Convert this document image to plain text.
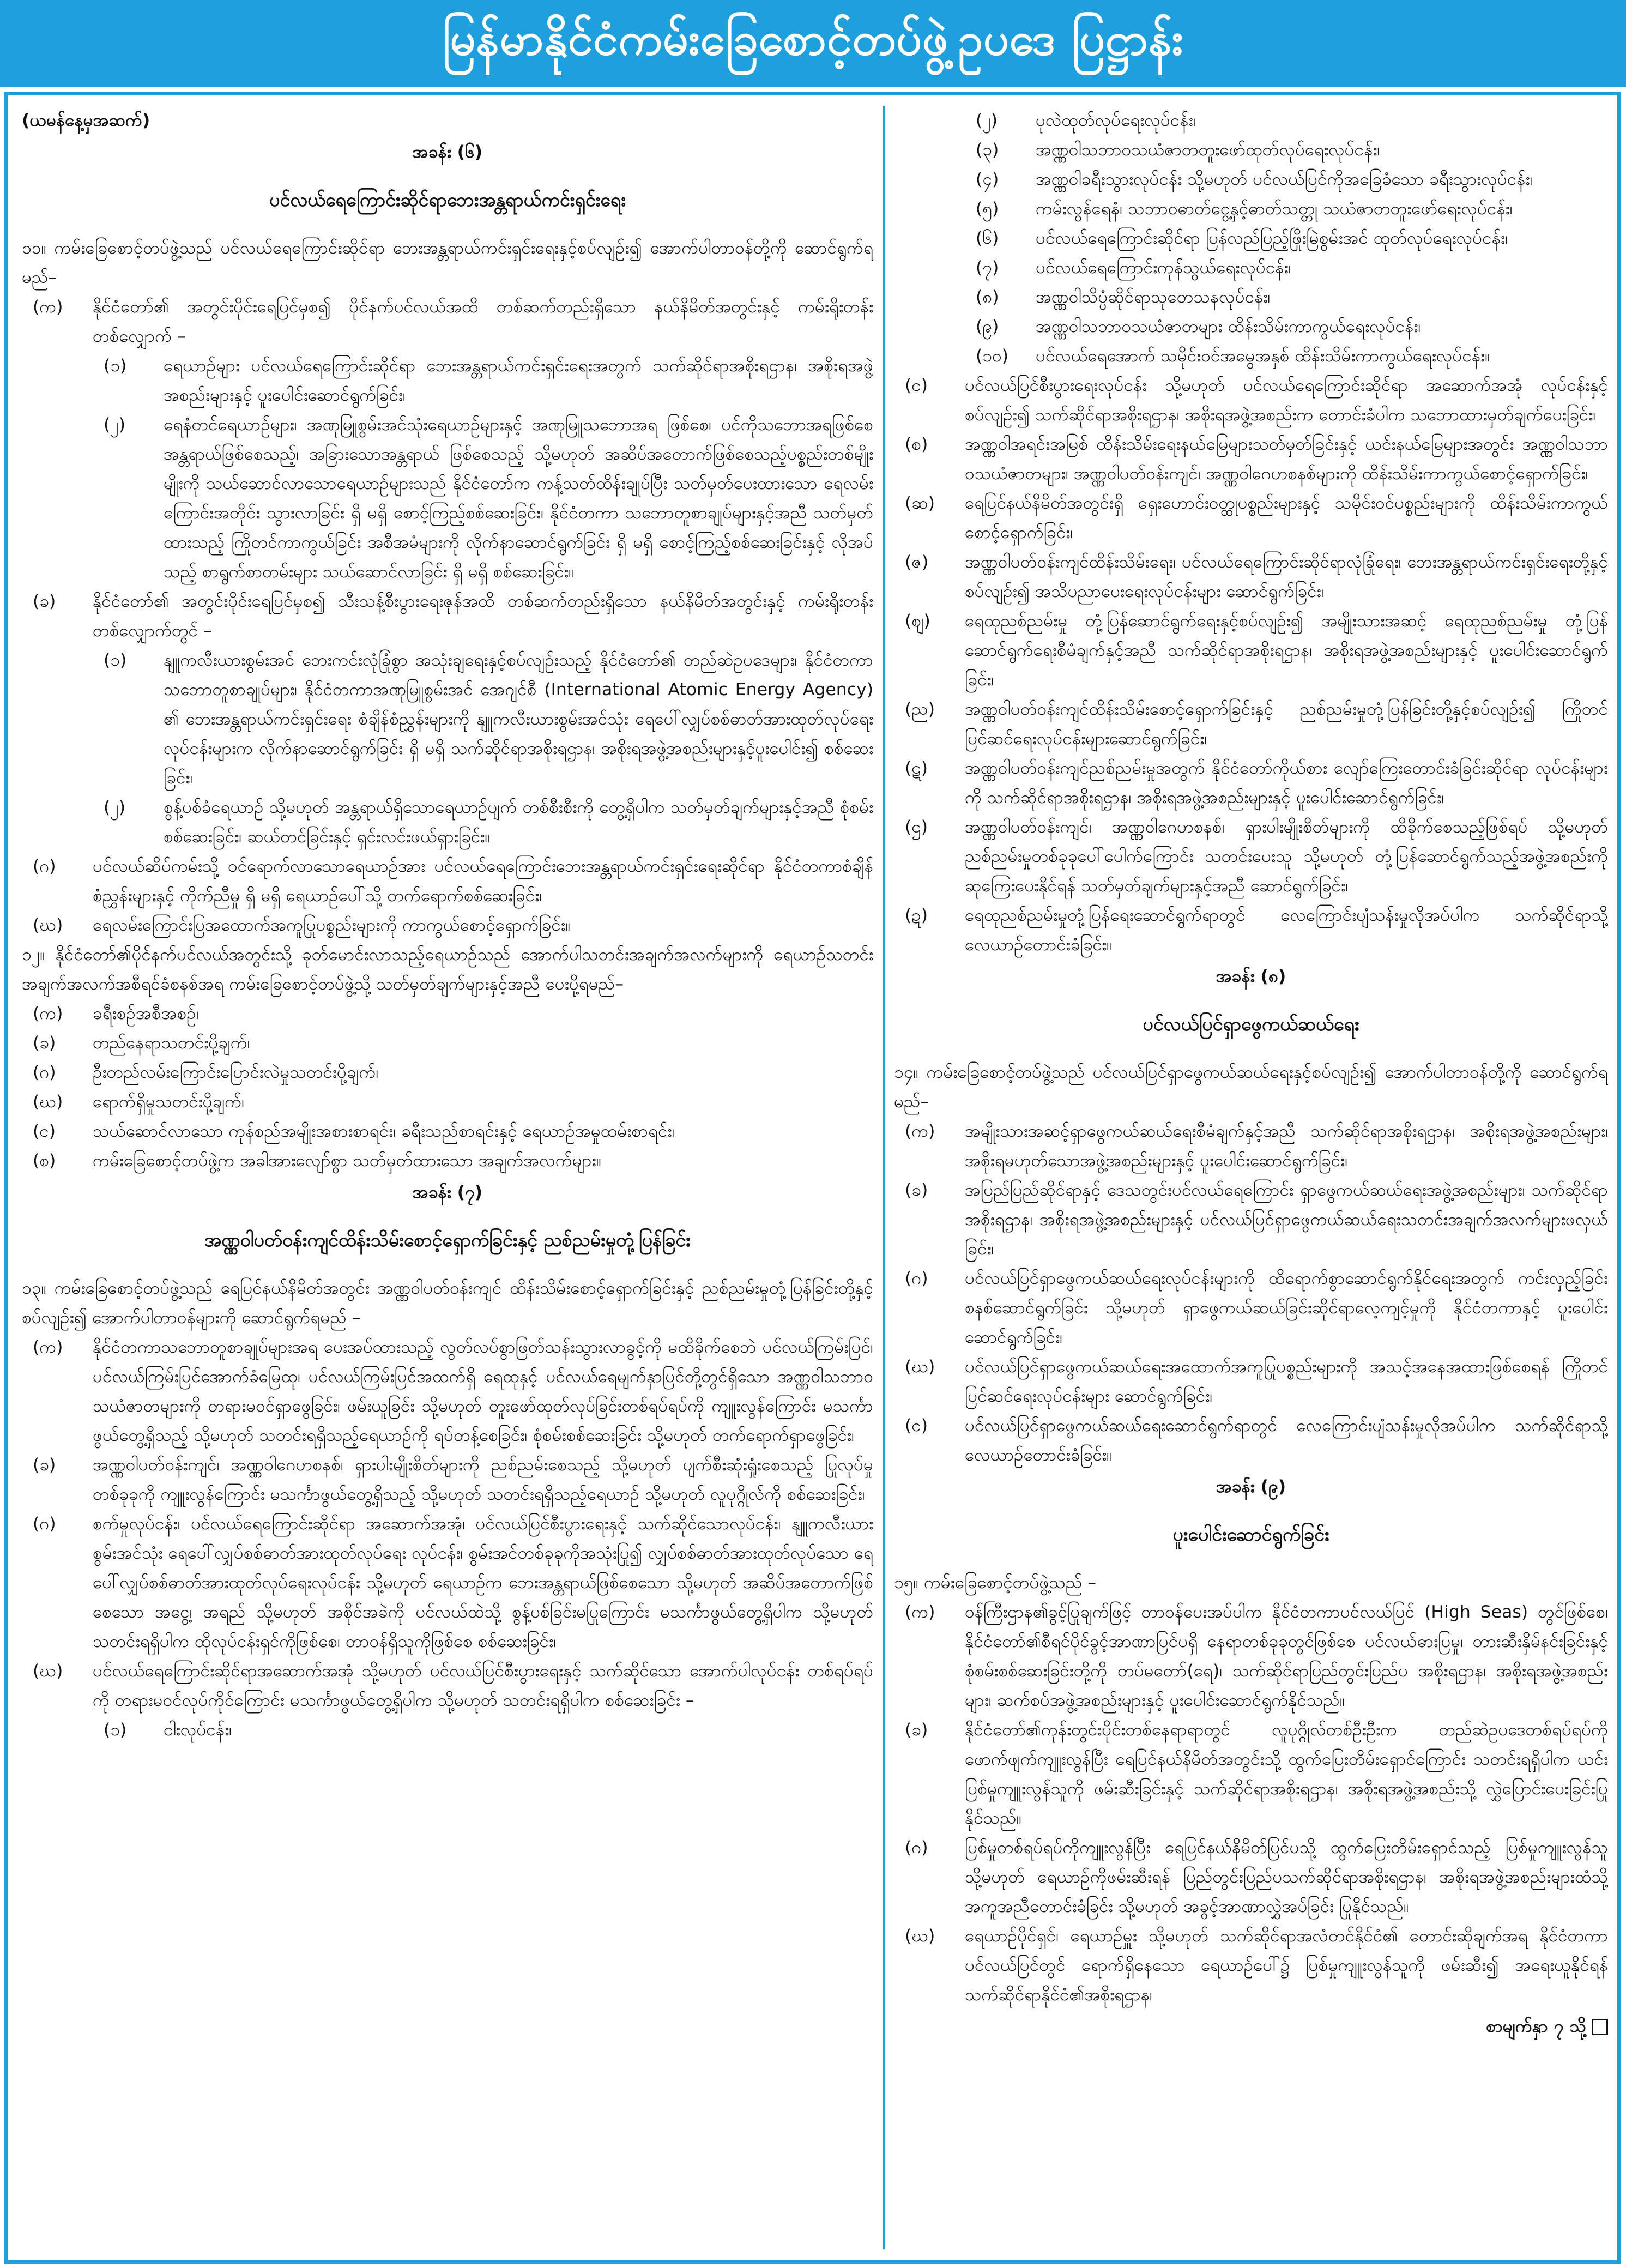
မြန်မာနိုင်ငံကမ်းခြေစောင့်တပ်ဖွဲ့ဥပဒေ ပြဋ္ဌာန်း

(ယမန်နေ့မှအဆက်)

အခန်း (၆)

ပင်လယ်ရေကြောင်းဆိုင်ရာဘေးအန္တရာယ်ကင်းရှင်းရေး

၁၁။ ကမ်းခြေစောင့်တပ်ဖွဲ့သည် ပင်လယ်ရေကြောင်းဆိုင်ရာ ဘေးအန္တရာယ်ကင်းရှင်းရေးနှင့်စပ်လျဉ်း၍ အောက်ပါတာဝန်တို့ကို ဆောင်ရွက်ရမည်–

(က)	နိုင်ငံတော်၏ အတွင်းပိုင်းရေပြင်မှစ၍ ပိုင်နက်ပင်လယ်အထိ တစ်ဆက်တည်းရှိသော နယ်နိမိတ်အတွင်းနှင့် ကမ်းရိုးတန်းတစ်လျှောက် –
(၁)	ရေယာဉ်များ ပင်လယ်ရေကြောင်းဆိုင်ရာ ဘေးအန္တရာယ်ကင်းရှင်းရေးအတွက် သက်ဆိုင်ရာအစိုးရဌာန၊ အစိုးရအဖွဲ့အစည်းများနှင့် ပူးပေါင်းဆောင်ရွက်ခြင်း၊
(၂)	ရေနံတင်ရေယာဉ်များ၊ အဏုမြူစွမ်းအင်သုံးရေယာဉ်များနှင့် အဏုမြူသဘောအရ ဖြစ်စေ၊ ပင်ကိုသဘောအရဖြစ်စေ အန္တရာယ်ဖြစ်စေသည့်၊ အခြားသောအန္တရာယ် ဖြစ်စေသည့် သို့မဟုတ် အဆိပ်အတောက်ဖြစ်စေသည့်ပစ္စည်းတစ်မျိုးမျိုးကို သယ်ဆောင်လာသောရေယာဉ်များသည် နိုင်ငံတော်က ကန့်သတ်ထိန်းချုပ်ပြီး သတ်မှတ်ပေးထားသော ရေလမ်းကြောင်းအတိုင်း သွားလာခြင်း ရှိ မရှိ စောင့်ကြည့်စစ်ဆေးခြင်း၊ နိုင်ငံတကာ သဘောတူစာချုပ်များနှင့်အညီ သတ်မှတ်ထားသည့် ကြိုတင်ကာကွယ်ခြင်း အစီအမံများကို လိုက်နာဆောင်ရွက်ခြင်း ရှိ မရှိ စောင့်ကြည့်စစ်ဆေးခြင်းနှင့် လိုအပ်သည့် စာရွက်စာတမ်းများ သယ်ဆောင်လာခြင်း ရှိ မရှိ စစ်ဆေးခြင်း။
(ခ)	နိုင်ငံတော်၏ အတွင်းပိုင်းရေပြင်မှစ၍ သီးသန့်စီးပွားရေးဇုန်အထိ တစ်ဆက်တည်းရှိသော နယ်နိမိတ်အတွင်းနှင့် ကမ်းရိုးတန်းတစ်လျှောက်တွင် –
(၁)	နျူကလီးယားစွမ်းအင် ဘေးကင်းလုံခြုံစွာ အသုံးချရေးနှင့်စပ်လျဉ်းသည့် နိုင်ငံတော်၏ တည်ဆဲဥပဒေများ၊ နိုင်ငံတကာသဘောတူစာချုပ်များ၊ နိုင်ငံတကာအဏုမြူစွမ်းအင် အေဂျင်စီ (International Atomic Energy Agency) ၏ ဘေးအန္တရာယ်ကင်းရှင်းရေး စံချိန်စံညွှန်းများကို နျူကလီးယားစွမ်းအင်သုံး ရေပေါ်လျှပ်စစ်ဓာတ်အားထုတ်လုပ်ရေး လုပ်ငန်းများက လိုက်နာဆောင်ရွက်ခြင်း ရှိ မရှိ သက်ဆိုင်ရာအစိုးရဌာန၊ အစိုးရအဖွဲ့အစည်းများနှင့်ပူးပေါင်း၍ စစ်ဆေးခြင်း၊
(၂)	စွန့်ပစ်ခံရေယာဉ် သို့မဟုတ် အန္တရာယ်ရှိသောရေယာဉ်ပျက် တစ်စီးစီးကို တွေ့ရှိပါက သတ်မှတ်ချက်များနှင့်အညီ စုံစမ်းစစ်ဆေးခြင်း၊ ဆယ်တင်ခြင်းနှင့် ရှင်းလင်းဖယ်ရှားခြင်း။
(ဂ)	ပင်လယ်ဆိပ်ကမ်းသို့ ဝင်ရောက်လာသောရေယာဉ်အား ပင်လယ်ရေကြောင်းဘေးအန္တရာယ်ကင်းရှင်းရေးဆိုင်ရာ နိုင်ငံတကာစံချိန်စံညွှန်းများနှင့် ကိုက်ညီမှု ရှိ မရှိ ရေယာဉ်ပေါ်သို့ တက်ရောက်စစ်ဆေးခြင်း၊
(ဃ)	ရေလမ်းကြောင်းပြအထောက်အကူပြုပစ္စည်းများကို ကာကွယ်စောင့်ရှောက်ခြင်း။

၁၂။ နိုင်ငံတော်၏ပိုင်နက်ပင်လယ်အတွင်းသို့ ခုတ်မောင်းလာသည့်ရေယာဉ်သည် အောက်ပါသတင်းအချက်အလက်များကို ရေယာဉ်သတင်းအချက်အလက်အစီရင်ခံစနစ်အရ ကမ်းခြေစောင့်တပ်ဖွဲ့သို့ သတ်မှတ်ချက်များနှင့်အညီ ပေးပို့ရမည်–

(က)	ခရီးစဉ်အစီအစဉ်၊
(ခ)	တည်နေရာသတင်းပို့ချက်၊
(ဂ)	ဦးတည်လမ်းကြောင်းပြောင်းလဲမှုသတင်းပို့ချက်၊
(ဃ)	ရောက်ရှိမှုသတင်းပို့ချက်၊
(င)	သယ်ဆောင်လာသော ကုန်စည်အမျိုးအစားစာရင်း၊ ခရီးသည်စာရင်းနှင့် ရေယာဉ်အမှုထမ်းစာရင်း၊
(စ)	ကမ်းခြေစောင့်တပ်ဖွဲ့က အခါအားလျော်စွာ သတ်မှတ်ထားသော အချက်အလက်များ။

အခန်း (၇)

အဏ္ဏဝါပတ်ဝန်းကျင်ထိန်းသိမ်းစောင့်ရှောက်ခြင်းနှင့် ညစ်ညမ်းမှုတုံ့ပြန်ခြင်း

၁၃။ ကမ်းခြေစောင့်တပ်ဖွဲ့သည် ရေပြင်နယ်နိမိတ်အတွင်း အဏ္ဏဝါပတ်ဝန်းကျင် ထိန်းသိမ်းစောင့်ရှောက်ခြင်းနှင့် ညစ်ညမ်းမှုတုံ့ပြန်ခြင်းတို့နှင့်စပ်လျဉ်း၍ အောက်ပါတာဝန်များကို ဆောင်ရွက်ရမည် –

(က)	နိုင်ငံတကာသဘောတူစာချုပ်များအရ ပေးအပ်ထားသည့် လွတ်လပ်စွာဖြတ်သန်းသွားလာခွင့်ကို မထိခိုက်စေဘဲ ပင်လယ်ကြမ်းပြင်၊ ပင်လယ်ကြမ်းပြင်အောက်ခံမြေထု၊ ပင်လယ်ကြမ်းပြင်အထက်ရှိ ရေထုနှင့် ပင်လယ်ရေမျက်နှာပြင်တို့တွင်ရှိသော အဏ္ဏဝါသဘာဝသယံဇာတများကို တရားမဝင်ရှာဖွေခြင်း၊ ဖမ်းယူခြင်း သို့မဟုတ် တူးဖော်ထုတ်လုပ်ခြင်းတစ်ရပ်ရပ်ကို ကျူးလွန်ကြောင်း မသင်္ကာဖွယ်တွေ့ရှိသည့် သို့မဟုတ် သတင်းရရှိသည့်ရေယာဉ်ကို ရပ်တန့်စေခြင်း၊ စုံစမ်းစစ်ဆေးခြင်း သို့မဟုတ် တက်ရောက်ရှာဖွေခြင်း၊
(ခ)	အဏ္ဏဝါပတ်ဝန်းကျင်၊ အဏ္ဏဝါဂေဟစနစ်၊ ရှားပါးမျိုးစိတ်များကို ညစ်ညမ်းစေသည့် သို့မဟုတ် ပျက်စီးဆုံးရှုံးစေသည့် ပြုလုပ်မှုတစ်ခုခုကို ကျူးလွန်ကြောင်း မသင်္ကာဖွယ်တွေ့ရှိသည့် သို့မဟုတ် သတင်းရရှိသည့်ရေယာဉ် သို့မဟုတ် လူပုဂ္ဂိုလ်ကို စစ်ဆေးခြင်း၊
(ဂ)	စက်မှုလုပ်ငန်း၊ ပင်လယ်ရေကြောင်းဆိုင်ရာ အဆောက်အအုံ၊ ပင်လယ်ပြင်စီးပွားရေးနှင့် သက်ဆိုင်သောလုပ်ငန်း၊ နျူကလီးယားစွမ်းအင်သုံး ရေပေါ်လျှပ်စစ်ဓာတ်အားထုတ်လုပ်ရေး လုပ်ငန်း၊ စွမ်းအင်တစ်ခုခုကိုအသုံးပြု၍ လျှပ်စစ်ဓာတ်အားထုတ်လုပ်သော ရေပေါ်လျှပ်စစ်ဓာတ်အားထုတ်လုပ်ရေးလုပ်ငန်း သို့မဟုတ် ရေယာဉ်က ဘေးအန္တရာယ်ဖြစ်စေသော သို့မဟုတ် အဆိပ်အတောက်ဖြစ်စေသော အငွေ့၊ အရည် သို့မဟုတ် အစိုင်အခဲကို ပင်လယ်ထဲသို့ စွန့်ပစ်ခြင်းမပြုကြောင်း မသင်္ကာဖွယ်တွေ့ရှိပါက သို့မဟုတ် သတင်းရရှိပါက ထိုလုပ်ငန်းရှင်ကိုဖြစ်စေ၊ တာဝန်ရှိသူကိုဖြစ်စေ စစ်ဆေးခြင်း၊
(ဃ)	ပင်လယ်ရေကြောင်းဆိုင်ရာအဆောက်အအုံ သို့မဟုတ် ပင်လယ်ပြင်စီးပွားရေးနှင့် သက်ဆိုင်သော အောက်ပါလုပ်ငန်း တစ်ရပ်ရပ်ကို တရားမဝင်လုပ်ကိုင်ကြောင်း မသင်္ကာဖွယ်တွေ့ရှိပါက သို့မဟုတ် သတင်းရရှိပါက စစ်ဆေးခြင်း –
(၁)	ငါးလုပ်ငန်း၊
(၂)	ပုလဲထုတ်လုပ်ရေးလုပ်ငန်း၊
(၃)	အဏ္ဏဝါသဘာဝသယံဇာတတူးဖော်ထုတ်လုပ်ရေးလုပ်ငန်း၊
(၄)	အဏ္ဏဝါခရီးသွားလုပ်ငန်း သို့မဟုတ် ပင်လယ်ပြင်ကိုအခြေခံသော ခရီးသွားလုပ်ငန်း၊
(၅)	ကမ်းလွန်ရေနံ၊ သဘာဝဓာတ်ငွေ့နှင့်ဓာတ်သတ္တု သယံဇာတတူးဖော်ရေးလုပ်ငန်း၊
(၆)	ပင်လယ်ရေကြောင်းဆိုင်ရာ ပြန်လည်ပြည့်ဖြိုးမြဲစွမ်းအင် ထုတ်လုပ်ရေးလုပ်ငန်း၊
(၇)	ပင်လယ်ရေကြောင်းကုန်သွယ်ရေးလုပ်ငန်း၊
(၈)	အဏ္ဏဝါသိပ္ပံဆိုင်ရာသုတေသနလုပ်ငန်း၊
(၉)	အဏ္ဏဝါသဘာဝသယံဇာတများ ထိန်းသိမ်းကာကွယ်ရေးလုပ်ငန်း၊
(၁၀)	ပင်လယ်ရေအောက် သမိုင်းဝင်အမွေအနှစ် ထိန်းသိမ်းကာကွယ်ရေးလုပ်ငန်း။
(င)	ပင်လယ်ပြင်စီးပွားရေးလုပ်ငန်း သို့မဟုတ် ပင်လယ်ရေကြောင်းဆိုင်ရာ အဆောက်အအုံ လုပ်ငန်းနှင့်စပ်လျဉ်း၍ သက်ဆိုင်ရာအစိုးရဌာန၊ အစိုးရအဖွဲ့အစည်းက တောင်းခံပါက သဘောထားမှတ်ချက်ပေးခြင်း၊
(စ)	အဏ္ဏဝါအရင်းအမြစ် ထိန်းသိမ်းရေးနယ်မြေများသတ်မှတ်ခြင်းနှင့် ယင်းနယ်မြေများအတွင်း အဏ္ဏဝါသဘာဝသယံဇာတများ၊ အဏ္ဏဝါပတ်ဝန်းကျင်၊ အဏ္ဏဝါဂေဟစနစ်များကို ထိန်းသိမ်းကာကွယ်စောင့်ရှောက်ခြင်း၊
(ဆ)	ရေပြင်နယ်နိမိတ်အတွင်းရှိ ရှေးဟောင်းဝတ္ထုပစ္စည်းများနှင့် သမိုင်းဝင်ပစ္စည်းများကို ထိန်းသိမ်းကာကွယ်စောင့်ရှောက်ခြင်း၊
(ဇ)	အဏ္ဏဝါပတ်ဝန်းကျင်ထိန်းသိမ်းရေး၊ ပင်လယ်ရေကြောင်းဆိုင်ရာလုံခြုံရေး၊ ဘေးအန္တရာယ်ကင်းရှင်းရေးတို့နှင့်စပ်လျဉ်း၍ အသိပညာပေးရေးလုပ်ငန်းများ ဆောင်ရွက်ခြင်း၊
(ဈ)	ရေထုညစ်ညမ်းမှု တုံ့ပြန်ဆောင်ရွက်ရေးနှင့်စပ်လျဉ်း၍ အမျိုးသားအဆင့် ရေထုညစ်ညမ်းမှု တုံ့ပြန်ဆောင်ရွက်ရေးစီမံချက်နှင့်အညီ သက်ဆိုင်ရာအစိုးရဌာန၊ အစိုးရအဖွဲ့အစည်းများနှင့် ပူးပေါင်းဆောင်ရွက်ခြင်း၊
(ည)	အဏ္ဏဝါပတ်ဝန်းကျင်ထိန်းသိမ်းစောင့်ရှောက်ခြင်းနှင့် ညစ်ညမ်းမှုတုံ့ပြန်ခြင်းတို့နှင့်စပ်လျဉ်း၍ ကြိုတင်ပြင်ဆင်ရေးလုပ်ငန်းများဆောင်ရွက်ခြင်း၊
(ဋ)	အဏ္ဏဝါပတ်ဝန်းကျင်ညစ်ညမ်းမှုအတွက် နိုင်ငံတော်ကိုယ်စား လျော်ကြေးတောင်းခံခြင်းဆိုင်ရာ လုပ်ငန်းများကို သက်ဆိုင်ရာအစိုးရဌာန၊ အစိုးရအဖွဲ့အစည်းများနှင့် ပူးပေါင်းဆောင်ရွက်ခြင်း၊
(ဌ)	အဏ္ဏဝါပတ်ဝန်းကျင်၊ အဏ္ဏဝါဂေဟစနစ်၊ ရှားပါးမျိုးစိတ်များကို ထိခိုက်စေသည့်ဖြစ်ရပ် သို့မဟုတ် ညစ်ညမ်းမှုတစ်ခုခုပေါ်ပေါက်ကြောင်း သတင်းပေးသူ သို့မဟုတ် တုံ့ပြန်ဆောင်ရွက်သည့်အဖွဲ့အစည်းကို ဆုကြေးပေးနိုင်ရန် သတ်မှတ်ချက်များနှင့်အညီ ဆောင်ရွက်ခြင်း၊
(ဍ)	ရေထုညစ်ညမ်းမှုတုံ့ပြန်ရေးဆောင်ရွက်ရာတွင် လေကြောင်းပျံသန်းမှုလိုအပ်ပါက သက်ဆိုင်ရာသို့ လေယာဉ်တောင်းခံခြင်း။

အခန်း (၈)

ပင်လယ်ပြင်ရှာဖွေကယ်ဆယ်ရေး

၁၄။ ကမ်းခြေစောင့်တပ်ဖွဲ့သည် ပင်လယ်ပြင်ရှာဖွေကယ်ဆယ်ရေးနှင့်စပ်လျဉ်း၍ အောက်ပါတာဝန်တို့ကို ဆောင်ရွက်ရမည်–

(က)	အမျိုးသားအဆင့်ရှာဖွေကယ်ဆယ်ရေးစီမံချက်နှင့်အညီ သက်ဆိုင်ရာအစိုးရဌာန၊ အစိုးရအဖွဲ့အစည်းများ၊ အစိုးရမဟုတ်သောအဖွဲ့အစည်းများနှင့် ပူးပေါင်းဆောင်ရွက်ခြင်း၊
(ခ)	အပြည်ပြည်ဆိုင်ရာနှင့် ဒေသတွင်းပင်လယ်ရေကြောင်း ရှာဖွေကယ်ဆယ်ရေးအဖွဲ့အစည်းများ၊ သက်ဆိုင်ရာအစိုးရဌာန၊ အစိုးရအဖွဲ့အစည်းများနှင့် ပင်လယ်ပြင်ရှာဖွေကယ်ဆယ်ရေးသတင်းအချက်အလက်များဖလှယ်ခြင်း၊
(ဂ)	ပင်လယ်ပြင်ရှာဖွေကယ်ဆယ်ရေးလုပ်ငန်းများကို ထိရောက်စွာဆောင်ရွက်နိုင်ရေးအတွက် ကင်းလှည့်ခြင်းစနစ်ဆောင်ရွက်ခြင်း သို့မဟုတ် ရှာဖွေကယ်ဆယ်ခြင်းဆိုင်ရာလေ့ကျင့်မှုကို နိုင်ငံတကာနှင့် ပူးပေါင်းဆောင်ရွက်ခြင်း၊
(ဃ)	ပင်လယ်ပြင်ရှာဖွေကယ်ဆယ်ရေးအထောက်အကူပြုပစ္စည်းများကို အသင့်အနေအထားဖြစ်စေရန် ကြိုတင်ပြင်ဆင်ရေးလုပ်ငန်းများ ဆောင်ရွက်ခြင်း၊
(င)	ပင်လယ်ပြင်ရှာဖွေကယ်ဆယ်ရေးဆောင်ရွက်ရာတွင် လေကြောင်းပျံသန်းမှုလိုအပ်ပါက သက်ဆိုင်ရာသို့ လေယာဉ်တောင်းခံခြင်း။

အခန်း (၉)

ပူးပေါင်းဆောင်ရွက်ခြင်း

၁၅။ ကမ်းခြေစောင့်တပ်ဖွဲ့သည် –

(က)	ဝန်ကြီးဌာန၏ခွင့်ပြုချက်ဖြင့် တာဝန်ပေးအပ်ပါက နိုင်ငံတကာပင်လယ်ပြင် (High Seas) တွင်ဖြစ်စေ၊ နိုင်ငံတော်၏စီရင်ပိုင်ခွင့်အာဏာပြင်ပရှိ နေရာတစ်ခုခုတွင်ဖြစ်စေ ပင်လယ်ဓားပြမှု၊ တားဆီးနှိမ်နင်းခြင်းနှင့် စုံစမ်းစစ်ဆေးခြင်းတို့ကို တပ်မတော်(ရေ)၊ သက်ဆိုင်ရာပြည်တွင်းပြည်ပ အစိုးရဌာန၊ အစိုးရအဖွဲ့အစည်းများ၊ ဆက်စပ်အဖွဲ့အစည်းများနှင့် ပူးပေါင်းဆောင်ရွက်နိုင်သည်။
(ခ)	နိုင်ငံတော်၏ကုန်းတွင်းပိုင်းတစ်နေရာရာတွင် လူပုဂ္ဂိုလ်တစ်ဦးဦးက တည်ဆဲဥပဒေတစ်ရပ်ရပ်ကို ဖောက်ဖျက်ကျူးလွန်ပြီး ရေပြင်နယ်နိမိတ်အတွင်းသို့ ထွက်ပြေးတိမ်းရှောင်ကြောင်း သတင်းရရှိပါက ယင်းပြစ်မှုကျူးလွန်သူကို ဖမ်းဆီးခြင်းနှင့် သက်ဆိုင်ရာအစိုးရဌာန၊ အစိုးရအဖွဲ့အစည်းသို့ လွှဲပြောင်းပေးခြင်းပြုနိုင်သည်။
(ဂ)	ပြစ်မှုတစ်ရပ်ရပ်ကိုကျူးလွန်ပြီး ရေပြင်နယ်နိမိတ်ပြင်ပသို့ ထွက်ပြေးတိမ်းရှောင်သည့် ပြစ်မှုကျူးလွန်သူ သို့မဟုတ် ရေယာဉ်ကိုဖမ်းဆီးရန် ပြည်တွင်းပြည်ပသက်ဆိုင်ရာအစိုးရဌာန၊ အစိုးရအဖွဲ့အစည်းများထံသို့ အကူအညီတောင်းခံခြင်း သို့မဟုတ် အခွင့်အာဏာလွှဲအပ်ခြင်း ပြုနိုင်သည်။
(ဃ)	ရေယာဉ်ပိုင်ရှင်၊ ရေယာဉ်မှူး သို့မဟုတ် သက်ဆိုင်ရာအလံတင်နိုင်ငံ၏ တောင်းဆိုချက်အရ နိုင်ငံတကာပင်လယ်ပြင်တွင် ရောက်ရှိနေသော ရေယာဉ်ပေါ်၌ ပြစ်မှုကျူးလွန်သူကို ဖမ်းဆီး၍ အရေးယူနိုင်ရန် သက်ဆိုင်ရာနိုင်ငံ၏အစိုးရဌာန၊

စာမျက်နှာ ၇ သို့
